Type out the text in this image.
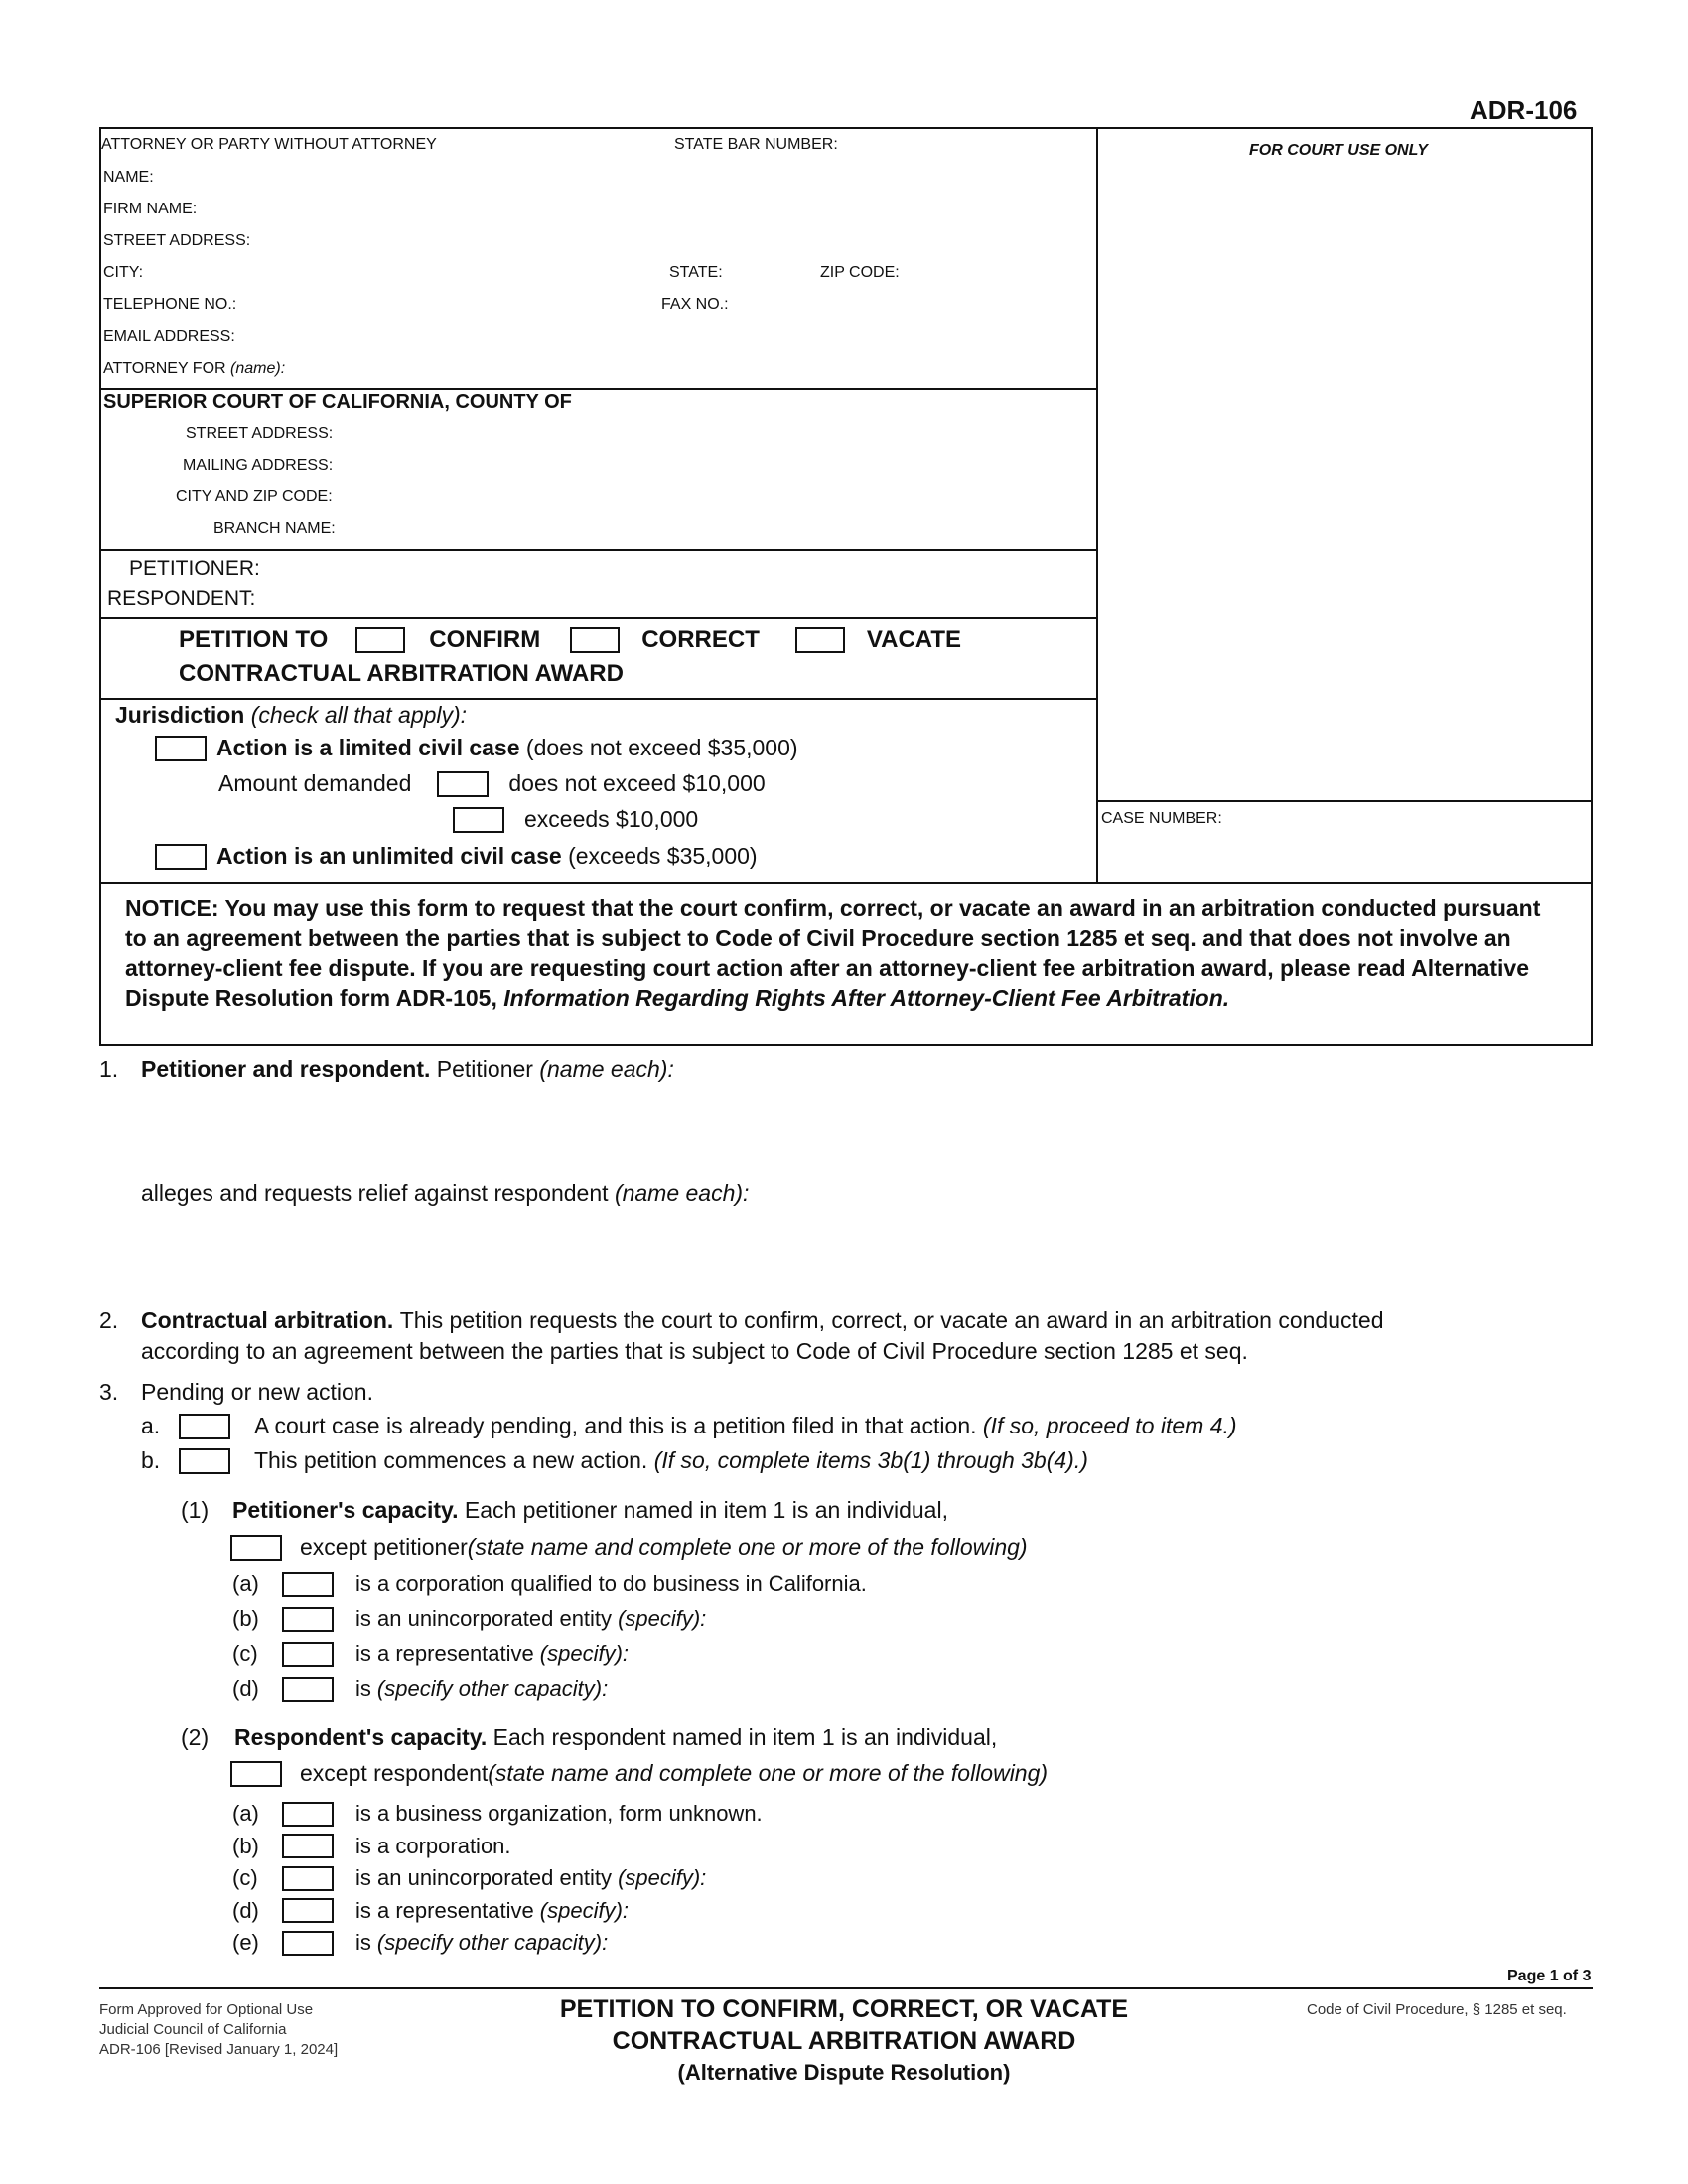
ADR-106
ATTORNEY OR PARTY WITHOUT ATTORNEY	STATE BAR NUMBER:	FOR COURT USE ONLY
NAME:
FIRM NAME:
STREET ADDRESS:
CITY:	STATE:	ZIP CODE:
TELEPHONE NO.:	FAX NO.:
EMAIL ADDRESS:
ATTORNEY FOR (name):
SUPERIOR COURT OF CALIFORNIA, COUNTY OF
STREET ADDRESS:
MAILING ADDRESS:
CITY AND ZIP CODE:
BRANCH NAME:
PETITIONER:
RESPONDENT:
PETITION TO	CONFIRM	CORRECT	VACATE
CONTRACTUAL ARBITRATION AWARD
Jurisdiction
(check all that apply):
Action is a limited civil case
(does not exceed $35,000)
Amount demanded	does not exceed $10,000
exceeds $10,000
Action is an unlimited civil case
(exceeds $35,000)
CASE NUMBER:
NOTICE: You may use this form to request that the court confirm, correct, or vacate an award in an arbitration conducted pursuant to an agreement between the parties that is subject to Code of Civil Procedure section 1285 et seq. and that does not involve an attorney-client fee dispute. If you are requesting court action after an attorney-client fee arbitration award, please read Alternative Dispute Resolution form ADR-105, Information Regarding Rights After Attorney-Client Fee Arbitration.
1. Petitioner and respondent.
Petitioner
(name each):
alleges and requests relief against respondent
(name each):
2. Contractual arbitration.
This petition requests the court to confirm, correct, or vacate an award in an arbitration conducted
according to an agreement between the parties that is subject to Code of Civil Procedure section 1285 et seq.
3. Pending or new action.
a.	A court case is already pending, and this is a petition filed in that action.
(If so, proceed to item 4.)
b.	This petition commences a new action.
(If so, complete items 3b(1) through 3b(4).)
(1)	Petitioner's capacity.
Each petitioner named in item 1 is an individual,
except petitioner (state name and complete one or more of the following)
(a)	is a corporation qualified to do business in California.
(b)	is an unincorporated entity (specify):
(c)	is a representative (specify):
(d)	is (specify other capacity):
(2)	Respondent's capacity.
Each respondent named in item 1 is an individual,
except respondent (state name and complete one or more of the following)
(a)	is a business organization, form unknown.
(b)	is a corporation.
(c)	is an unincorporated entity (specify):
(d)	is a representative (specify):
(e)	is (specify other capacity):
Page 1 of 3
Form Approved for Optional Use
Judicial Council of California
ADR-106 [Revised January 1, 2024]
PETITION TO CONFIRM, CORRECT, OR VACATE
CONTRACTUAL ARBITRATION AWARD
(Alternative Dispute Resolution)
Code of Civil Procedure, § 1285 et seq.
